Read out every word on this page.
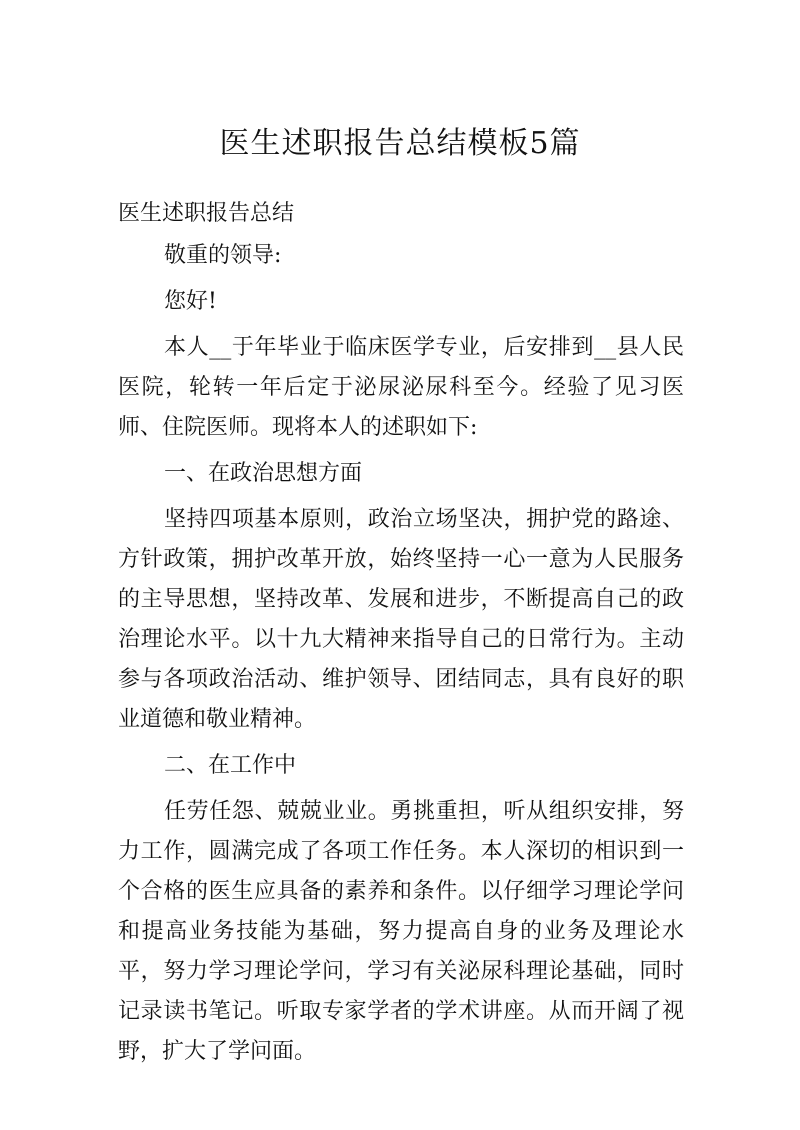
医生述职报告总结模板5篇

医生述职报告总结

敬重的领导:

您好!

本人__于年毕业于临床医学专业，后安排到__县人民医院，轮转一年后定于泌尿泌尿科至今。经验了见习医师、住院医师。现将本人的述职如下:

一、在政治思想方面

坚持四项基本原则，政治立场坚决，拥护党的路途、方针政策，拥护改革开放，始终坚持一心一意为人民服务的主导思想，坚持改革、发展和进步，不断提高自己的政治理论水平。以十九大精神来指导自己的日常行为。主动参与各项政治活动、维护领导、团结同志，具有良好的职业道德和敬业精神。

二、在工作中

任劳任怨、兢兢业业。勇挑重担，听从组织安排，努力工作，圆满完成了各项工作任务。本人深切的相识到一个合格的医生应具备的素养和条件。以仔细学习理论学问和提高业务技能为基础，努力提高自身的业务及理论水平，努力学习理论学问，学习有关泌尿科理论基础，同时记录读书笔记。听取专家学者的学术讲座。从而开阔了视野，扩大了学问面。
